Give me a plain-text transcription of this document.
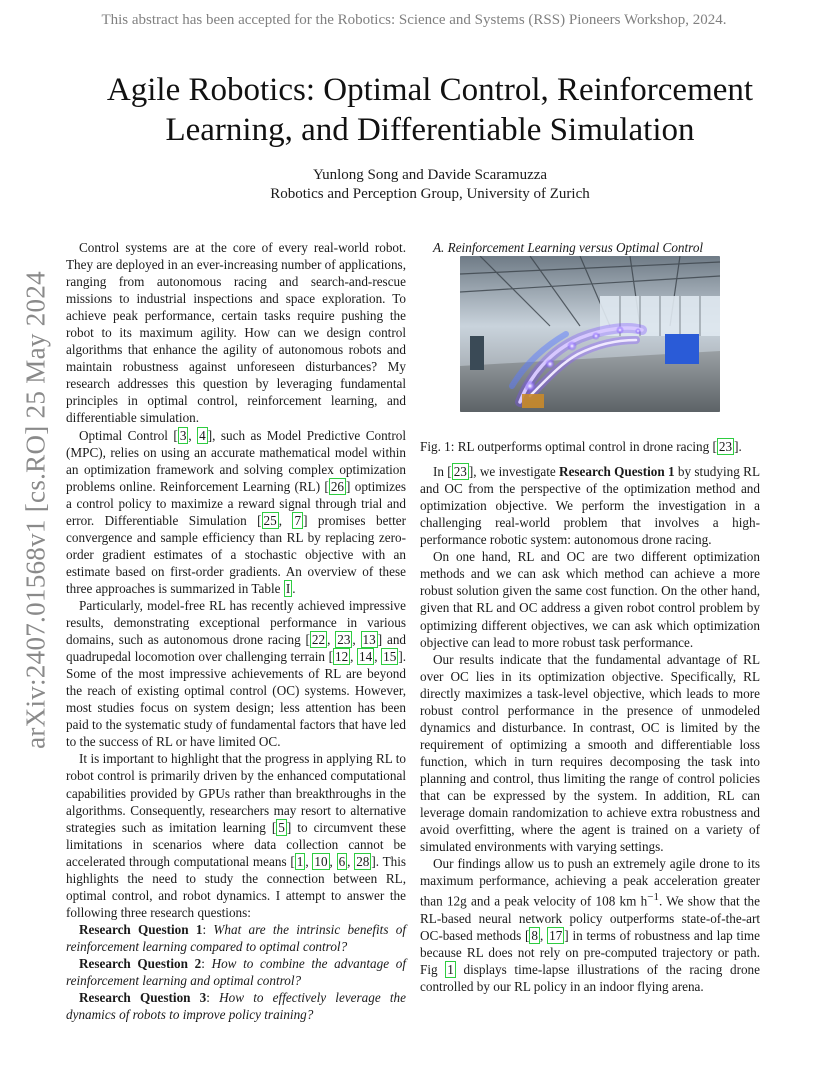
This abstract has been accepted for the Robotics: Science and Systems (RSS) Pioneers Workshop, 2024.
arXiv:2407.01568v1 [cs.RO] 25 May 2024
Agile Robotics: Optimal Control, Reinforcement
Learning, and Differentiable Simulation
Yunlong Song and Davide Scaramuzza
Robotics and Perception Group, University of Zurich

Control systems are at the core of every real-world robot. They are deployed in an ever-increasing number of applications, ranging from autonomous racing and search-and-rescue missions to industrial inspections and space exploration. To achieve peak performance, certain tasks require pushing the robot to its maximum agility. How can we design control algorithms that enhance the agility of autonomous robots and maintain robustness against unforeseen disturbances? My research addresses this question by leveraging fundamental principles in optimal control, reinforcement learning, and differentiable simulation.

Optimal Control [ 3 , 4 ], such as Model Predictive Control (MPC), relies on using an accurate mathematical model within an optimization framework and solving complex optimization problems online. Reinforcement Learning (RL) [ 26 ] optimizes a control policy to maximize a reward signal through trial and error. Differentiable Simulation [ 25 , 7 ] promises better convergence and sample efficiency than RL by replacing zero-order gradient estimates of a stochastic objective with an estimate based on first-order gradients. An overview of these three approaches is summarized in Table I .

Particularly, model-free RL has recently achieved impressive results, demonstrating exceptional performance in various domains, such as autonomous drone racing [ 22 , 23 , 13 ] and quadrupedal locomotion over challenging terrain [ 12 , 14 , 15 ]. Some of the most impressive achievements of RL are beyond the reach of existing optimal control (OC) systems. However, most studies focus on system design; less attention has been paid to the systematic study of fundamental factors that have led to the success of RL or have limited OC.

It is important to highlight that the progress in applying RL to robot control is primarily driven by the enhanced computational capabilities provided by GPUs rather than breakthroughs in the algorithms. Consequently, researchers may resort to alternative strategies such as imitation learning [ 5 ] to circumvent these limitations in scenarios where data collection cannot be accelerated through computational means [ 1 , 10 , 6 , 28 ]. This highlights the need to study the connection between RL, optimal control, and robot dynamics. I attempt to answer the following three research questions:

Research Question 1: What are the intrinsic benefits of reinforcement learning compared to optimal control?

Research Question 2: How to combine the advantage of reinforcement learning and optimal control?

Research Question 3: How to effectively leverage the dynamics of robots to improve policy training?

A. Reinforcement Learning versus Optimal Control

Fig. 1: RL outperforms optimal control in drone racing [ 23 ].

In [ 23 ], we investigate Research Question 1 by studying RL and OC from the perspective of the optimization method and optimization objective. We perform the investigation in a challenging real-world problem that involves a high-performance robotic system: autonomous drone racing.

On one hand, RL and OC are two different optimization methods and we can ask which method can achieve a more robust solution given the same cost function. On the other hand, given that RL and OC address a given robot control problem by optimizing different objectives, we can ask which optimization objective can lead to more robust task performance.

Our results indicate that the fundamental advantage of RL over OC lies in its optimization objective. Specifically, RL directly maximizes a task-level objective, which leads to more robust control performance in the presence of unmodeled dynamics and disturbance. In contrast, OC is limited by the requirement of optimizing a smooth and differentiable loss function, which in turn requires decomposing the task into planning and control, thus limiting the range of control policies that can be expressed by the system. In addition, RL can leverage domain randomization to achieve extra robustness and avoid overfitting, where the agent is trained on a variety of simulated environments with varying settings.

Our findings allow us to push an extremely agile drone to its maximum performance, achieving a peak acceleration greater than 12g and a peak velocity of 108 km $h^{-1}$. We show that the RL-based neural network policy outperforms state-of-the-art OC-based methods [ 8 , 17 ] in terms of robustness and lap time because RL does not rely on pre-computed trajectory or path. Fig 1 displays time-lapse illustrations of the racing drone controlled by our RL policy in an indoor flying arena.
